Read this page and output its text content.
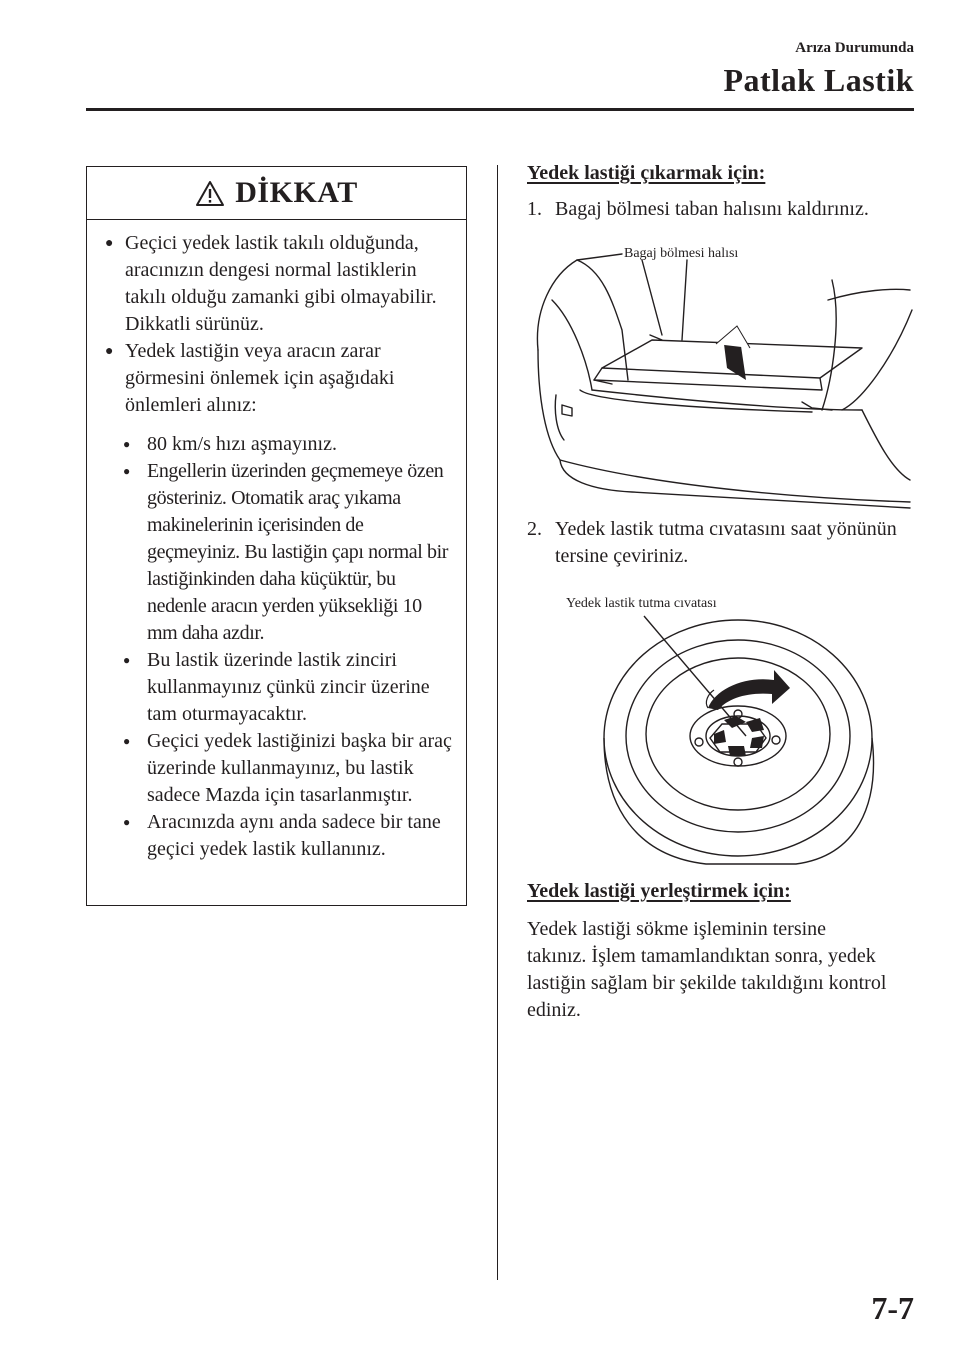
Arıza Durumunda
Patlak Lastik
DİKKAT
● Geçici yedek lastik takılı olduğunda, aracınızın dengesi normal lastiklerin takılı olduğu zamanki gibi olmayabilir. Dikkatli sürünüz.
● Yedek lastiğin veya aracın zarar görmesini önlemek için aşağıdaki önlemleri alınız:
● 80 km/s hızı aşmayınız.
● Engellerin üzerinden geçmemeye özen gösteriniz. Otomatik araç yıkama makinelerinin içerisinden de geçmeyiniz. Bu lastiğin çapı normal bir lastiğinkinden daha küçüktür, bu nedenle aracın yerden yüksekliği 10 mm daha azdır.
● Bu lastik üzerinde lastik zinciri kullanmayınız çünkü zincir üzerine tam oturmayacaktır.
● Geçici yedek lastiğinizi başka bir araç üzerinde kullanmayınız, bu lastik sadece Mazda için tasarlanmıştır.
● Aracınızda aynı anda sadece bir tane geçici yedek lastik kullanınız.
Yedek lastiği çıkarmak için:
1. Bagaj bölmesi taban halısını kaldırınız.
Bagaj bölmesi halısı
2. Yedek lastik tutma cıvatasını saat yönünün tersine çeviriniz.
Yedek lastik tutma cıvatası
Yedek lastiği yerleştirmek için:
Yedek lastiği sökme işleminin tersine takınız. İşlem tamamlandıktan sonra, yedek lastiğin sağlam bir şekilde takıldığını kontrol ediniz.
7-7
